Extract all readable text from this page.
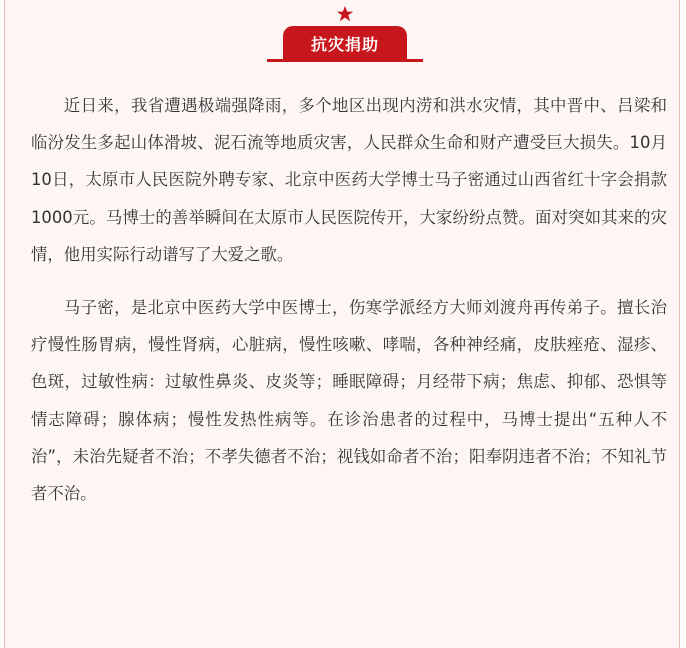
抗灾捐助

近日来，我省遭遇极端强降雨，多个地区出现内涝和洪水灾情，其中晋中、吕梁和临汾发生多起山体滑坡、泥石流等地质灾害，人民群众生命和财产遭受巨大损失。10月10日，太原市人民医院外聘专家、北京中医药大学博士马子密通过山西省红十字会捐款1000元。马博士的善举瞬间在太原市人民医院传开，大家纷纷点赞。面对突如其来的灾情，他用实际行动谱写了大爱之歌。

马子密，是北京中医药大学中医博士，伤寒学派经方大师刘渡舟再传弟子。擅长治疗慢性肠胃病，慢性肾病，心脏病，慢性咳嗽、哮喘，各种神经痛，皮肤痤疮、湿疹、色斑，过敏性病：过敏性鼻炎、皮炎等；睡眠障碍；月经带下病；焦虑、抑郁、恐惧等情志障碍；腺体病；慢性发热性病等。在诊治患者的过程中，马博士提出“五种人不治”，未治先疑者不治；不孝失德者不治；视钱如命者不治；阳奉阴违者不治；不知礼节者不治。
